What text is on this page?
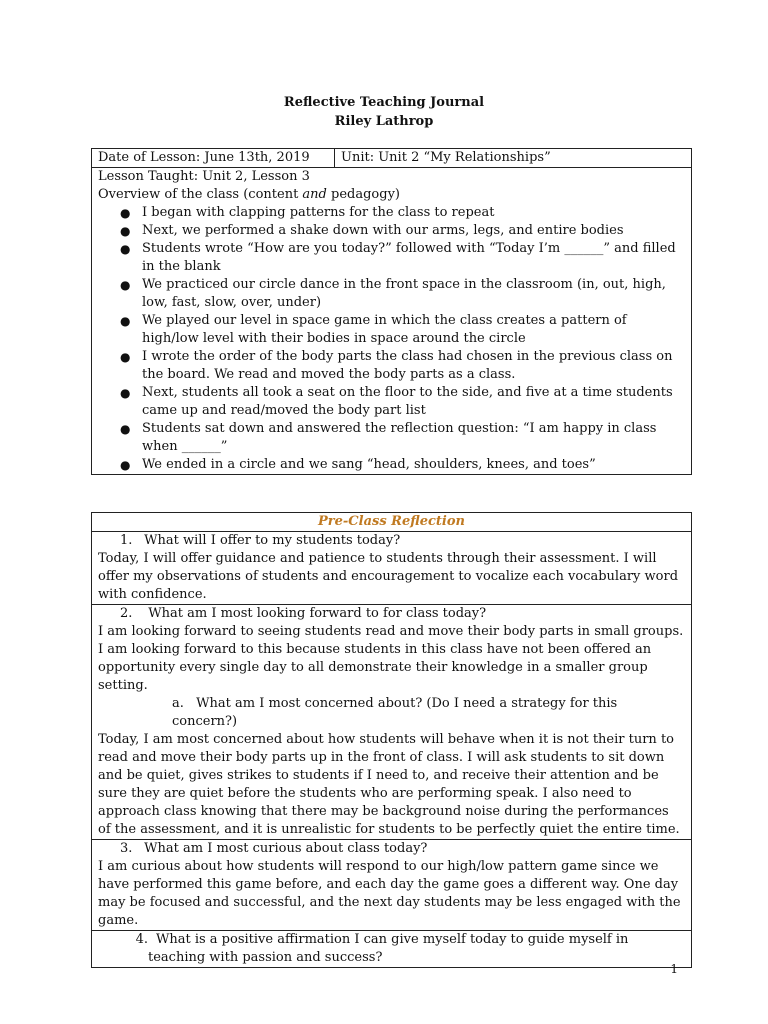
Reflective Teaching Journal
Riley Lathrop
Date of Lesson: June 13th, 2019	Unit: Unit 2 “My Relationships”

Lesson Taught: Unit 2, Lesson 3
Overview of the class (content and pedagogy)
● I began with clapping patterns for the class to repeat
● Next, we performed a shake down with our arms, legs, and entire bodies
● Students wrote “How are you today?” followed with “Today I’m ______” and filled in the blank
● We practiced our circle dance in the front space in the classroom (in, out, high, low, fast, slow, over, under)
● We played our level in space game in which the class creates a pattern of high/low level with their bodies in space around the circle
● I wrote the order of the body parts the class had chosen in the previous class on the board. We read and moved the body parts as a class.
● Next, students all took a seat on the floor to the side, and five at a time students came up and read/moved the body part list
● Students sat down and answered the reflection question: “I am happy in class when ______”
● We ended in a circle and we sang “head, shoulders, knees, and toes”
Pre-Class Reflection

1. What will I offer to my students today?
Today, I will offer guidance and patience to students through their assessment. I will offer my observations of students and encouragement to vocalize each vocabulary word with confidence.

2. What am I most looking forward to for class today?
I am looking forward to seeing students read and move their body parts in small groups. I am looking forward to this because students in this class have not been offered an opportunity every single day to all demonstrate their knowledge in a smaller group setting.
a. What am I most concerned about? (Do I need a strategy for this concern?)
Today, I am most concerned about how students will behave when it is not their turn to read and move their body parts up in the front of class. I will ask students to sit down and be quiet, gives strikes to students if I need to, and receive their attention and be sure they are quiet before the students who are performing speak. I also need to approach class knowing that there may be background noise during the performances of the assessment, and it is unrealistic for students to be perfectly quiet the entire time.

3. What am I most curious about class today?
I am curious about how students will respond to our high/low pattern game since we have performed this game before, and each day the game goes a different way. One day may be focused and successful, and the next day students may be less engaged with the game.

4. What is a positive affirmation I can give myself today to guide myself in teaching with passion and success?
1
